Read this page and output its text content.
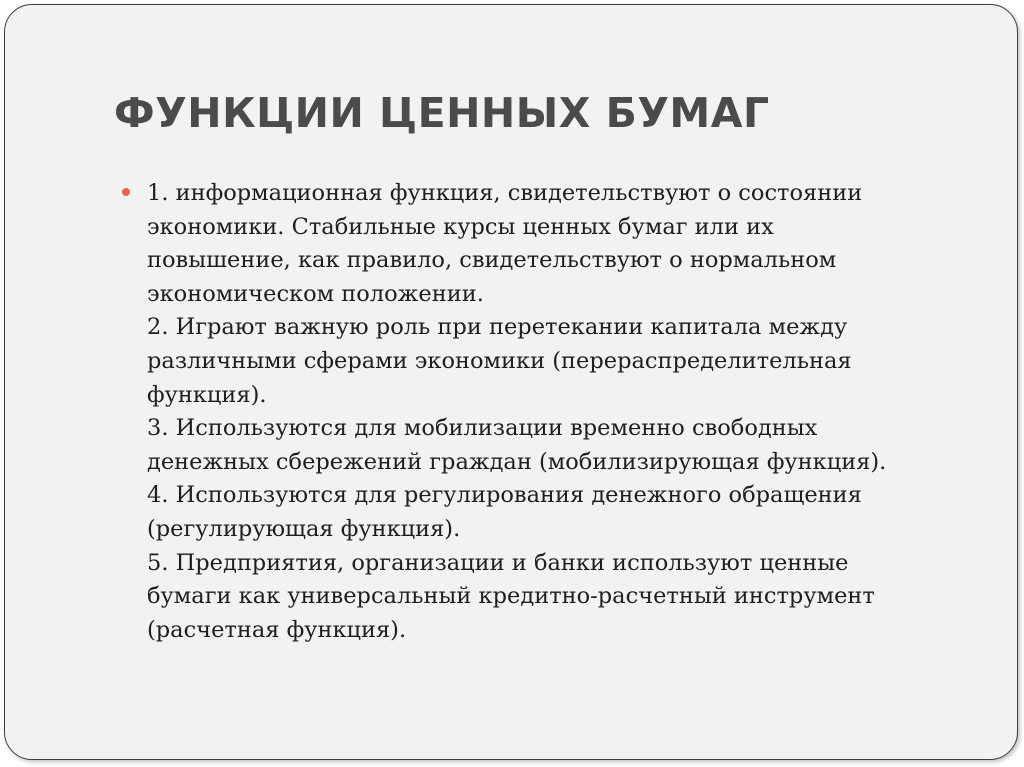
ФУНКЦИИ ЦЕННЫХ БУМАГ
1. информационная функция, свидетельствуют о состоянии
экономики. Стабильные курсы ценных бумаг или их
повышение, как правило, свидетельствуют о нормальном
экономическом положении.
2. Играют важную роль при перетекании капитала между
различными сферами экономики (перераспределительная
функция).
3. Используются для мобилизации временно свободных
денежных сбережений граждан (мобилизирующая функция).
4. Используются для регулирования денежного обращения
(регулирующая функция).
5. Предприятия, организации и банки используют ценные
бумаги как универсальный кредитно-расчетный инструмент
(расчетная функция).
